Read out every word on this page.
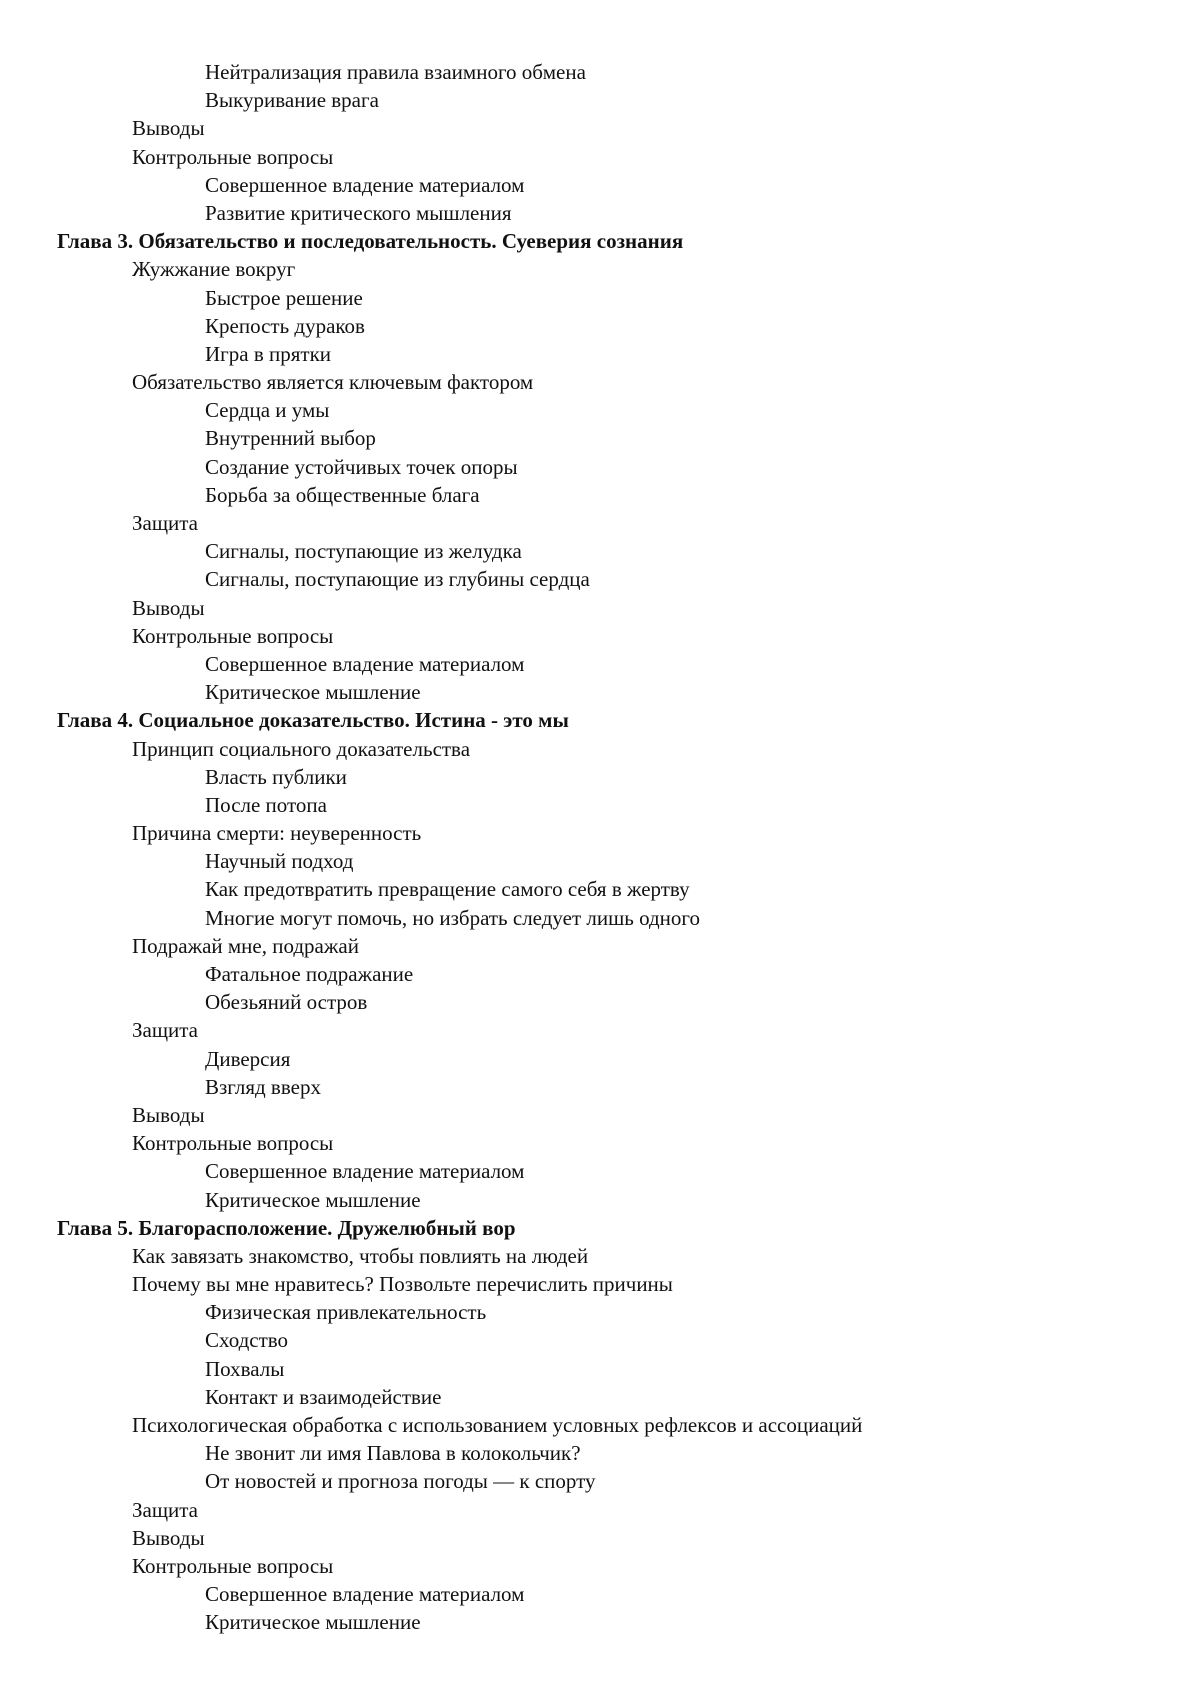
Нейтрализация правила взаимного обмена
Выкуривание врага
Выводы
Контрольные вопросы
Совершенное владение материалом
Развитие критического мышления
Глава 3. Обязательство и последовательность. Суеверия сознания
Жужжание вокруг
Быстрое решение
Крепость дураков
Игра в прятки
Обязательство является ключевым фактором
Сердца и умы
Внутренний выбор
Создание устойчивых точек опоры
Борьба за общественные блага
Защита
Сигналы, поступающие из желудка
Сигналы, поступающие из глубины сердца
Выводы
Контрольные вопросы
Совершенное владение материалом
Критическое мышление
Глава 4. Социальное доказательство. Истина - это мы
Принцип социального доказательства
Власть публики
После потопа
Причина смерти: неуверенность
Научный подход
Как предотвратить превращение самого себя в жертву
Многие могут помочь, но избрать следует лишь одного
Подражай мне, подражай
Фатальное подражание
Обезьяний остров
Защита
Диверсия
Взгляд вверх
Выводы
Контрольные вопросы
Совершенное владение материалом
Критическое мышление
Глава 5. Благорасположение. Дружелюбный вор
Как завязать знакомство, чтобы повлиять на людей
Почему вы мне нравитесь? Позвольте перечислить причины
Физическая привлекательность
Сходство
Похвалы
Контакт и взаимодействие
Психологическая обработка с использованием условных рефлексов и ассоциаций
Не звонит ли имя Павлова в колокольчик?
От новостей и прогноза погоды — к спорту
Защита
Выводы
Контрольные вопросы
Совершенное владение материалом
Критическое мышление
